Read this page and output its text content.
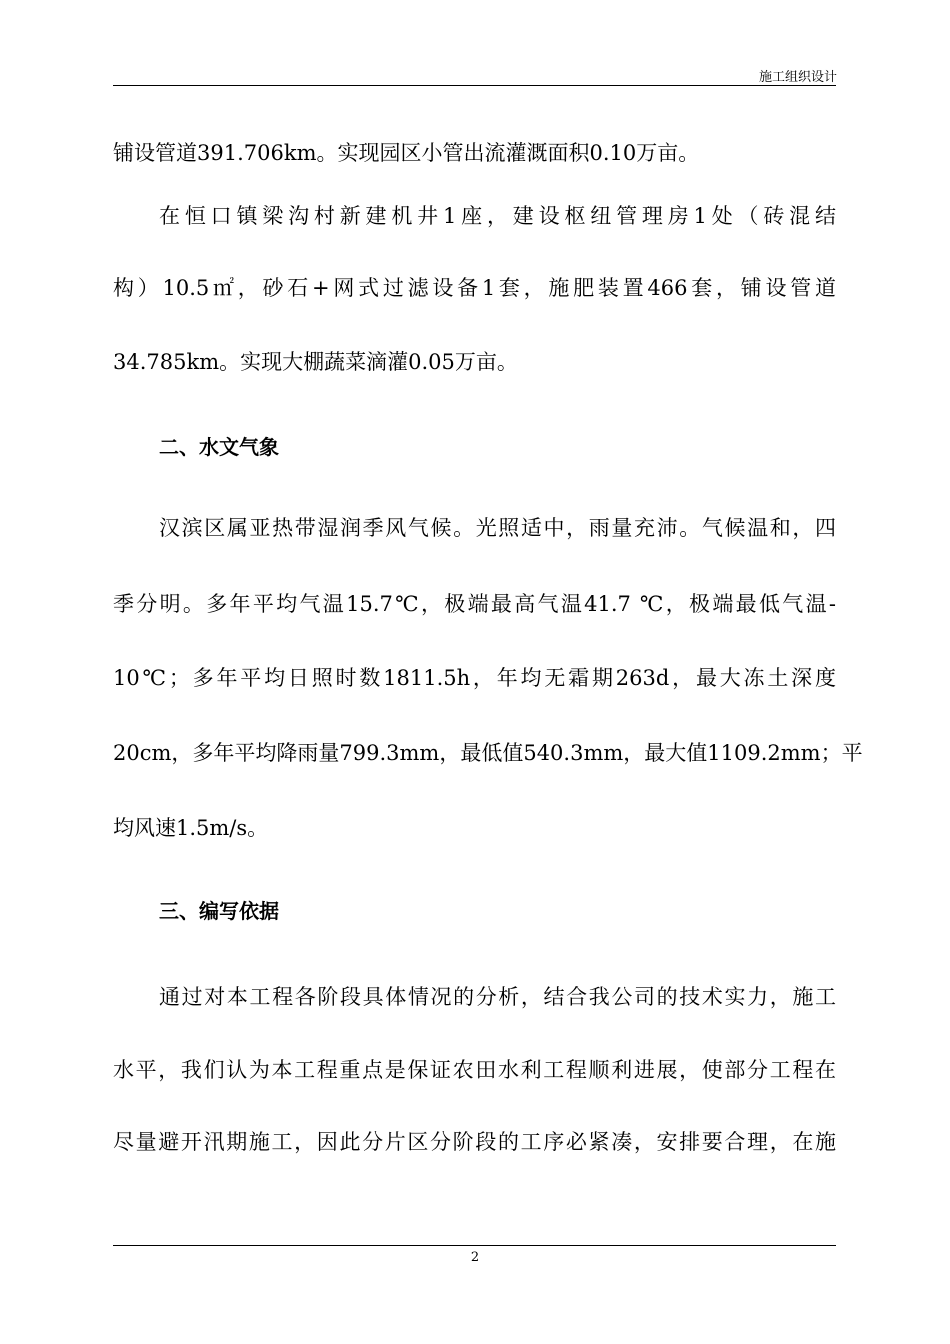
施工组织设计
铺设管道391.706km。实现园区小管出流灌溉面积0.10万亩。
在恒口镇梁沟村新建机井1座，建设枢纽管理房1处（砖混结
构）10.5㎡，砂石+网式过滤设备1套，施肥装置466套，铺设管道
34.785km。实现大棚蔬菜滴灌0.05万亩。
二、水文气象
汉滨区属亚热带湿润季风气候。光照适中，雨量充沛。气候温和，四
季分明。多年平均气温15.7℃，极端最高气温41.7 ℃，极端最低气温-
10℃；多年平均日照时数1811.5h，年均无霜期263d，最大冻土深度
20cm，多年平均降雨量799.3mm，最低值540.3mm，最大值1109.2mm；平
均风速1.5m/s。
三、编写依据
通过对本工程各阶段具体情况的分析，结合我公司的技术实力，施工
水平，我们认为本工程重点是保证农田水利工程顺利进展，使部分工程在
尽量避开汛期施工，因此分片区分阶段的工序必紧凑，安排要合理，在施
2
